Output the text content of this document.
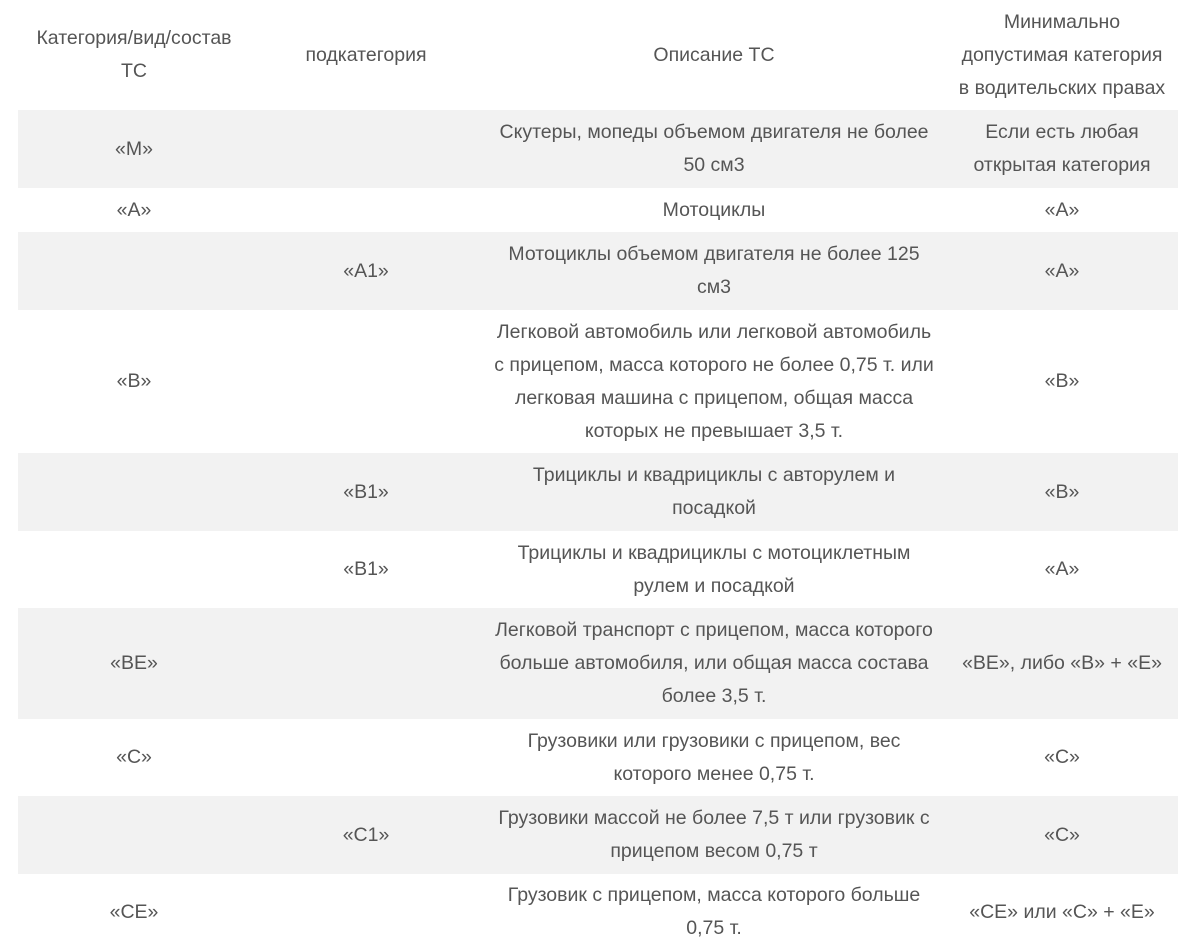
Категория/вид/состав ТС	подкатегория	Описание ТС	Минимально допустимая категория в водительских правах
«M»		Скутеры, мопеды объемом двигателя не более 50 см3	Если есть любая открытая категория
«A»		Мотоциклы	«A»
	«A1»	Мотоциклы объемом двигателя не более 125 см3	«A»
«B»		Легковой автомобиль или легковой автомобиль с прицепом, масса которого не более 0,75 т. или легковая машина с прицепом, общая масса которых не превышает 3,5 т.	«B»
	«B1»	Трициклы и квадрициклы с авторулем и посадкой	«B»
	«B1»	Трициклы и квадрициклы с мотоциклетным рулем и посадкой	«A»
«BE»		Легковой транспорт с прицепом, масса которого больше автомобиля, или общая масса состава более 3,5 т.	«BE», либо «B» + «E»
«C»		Грузовики или грузовики с прицепом, вес которого менее 0,75 т.	«C»
	«C1»	Грузовики массой не более 7,5 т или грузовик с прицепом весом 0,75 т	«C»
«CE»		Грузовик с прицепом, масса которого больше 0,75 т.	«CE» или «C» + «E»
